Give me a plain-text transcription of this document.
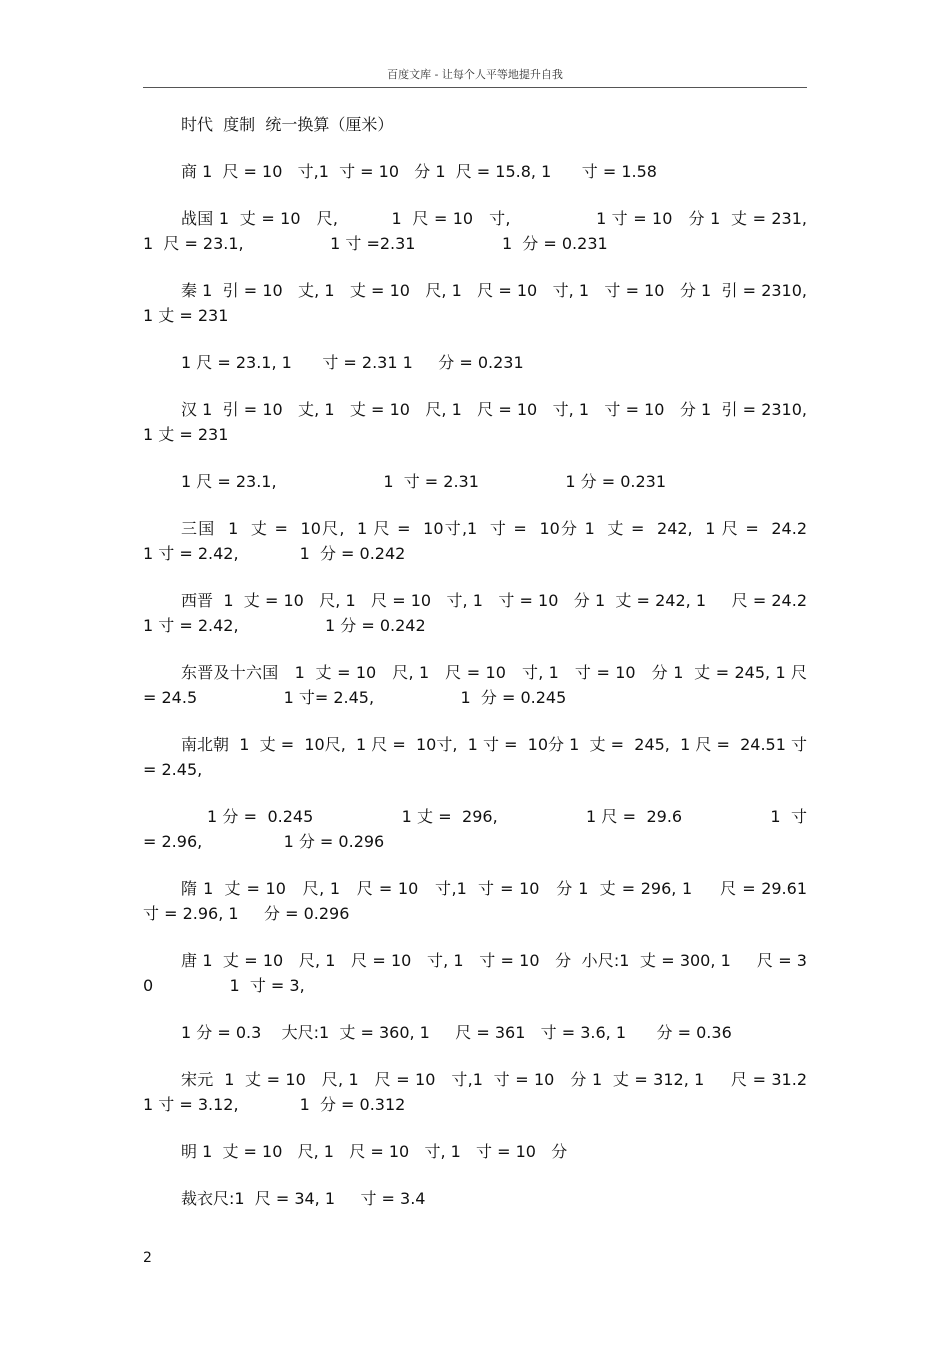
百度文库 - 让每个人平等地提升自我

时代  度制  统一换算（厘米）

商 1  尺 = 10   寸,1  寸 = 10   分 1  尺 = 15.8, 1      寸 = 1.58

战国 1  丈 = 10   尺,          1  尺 = 10   寸,                1 寸 = 10   分 1  丈 = 231,               1  尺 = 23.1,                 1 寸 =2.31                 1  分 = 0.231

秦 1  引 = 10   丈, 1   丈 = 10   尺, 1   尺 = 10   寸, 1   寸 = 10   分 1  引 = 2310, 1 丈 = 231

1 尺 = 23.1, 1      寸 = 2.31 1     分 = 0.231

汉 1  引 = 10   丈, 1   丈 = 10   尺, 1   尺 = 10   寸, 1   寸 = 10   分 1  引 = 2310, 1 丈 = 231

1 尺 = 23.1,                     1  寸 = 2.31                 1 分 = 0.231

三国  1  丈 =  10尺,  1 尺 =  10寸,1  寸 =  10分 1  丈 =  242,  1 尺 =  24.2          1 寸 = 2.42,            1  分 = 0.242

西晋  1  丈 = 10   尺, 1   尺 = 10   寸, 1   寸 = 10   分 1  丈 = 242, 1     尺 = 24.2                1 寸 = 2.42,                 1 分 = 0.242

东晋及十六国   1  丈 = 10   尺, 1   尺 = 10   寸, 1   寸 = 10   分 1  丈 = 245, 1 尺 = 24.5                 1 寸= 2.45,                 1  分 = 0.245

南北朝  1  丈 =  10尺,  1 尺 =  10寸,  1 寸 =  10分 1  丈 =  245,  1 尺 =  24.51 寸 = 2.45,

1 分 =  0.245                 1 丈 =  296,                 1 尺 =  29.6                 1  寸 = 2.96,                1 分 = 0.296

隋 1  丈 = 10   尺, 1   尺 = 10   寸,1  寸 = 10   分 1  丈 = 296, 1     尺 = 29.61    寸 = 2.96, 1     分 = 0.296

唐 1  丈 = 10   尺, 1   尺 = 10   寸, 1   寸 = 10   分  小尺:1  丈 = 300, 1     尺 = 30               1  寸 = 3,

1 分 = 0.3    大尺:1  丈 = 360, 1     尺 = 361   寸 = 3.6, 1      分 = 0.36

宋元  1  丈 = 10   尺, 1   尺 = 10   寸,1  寸 = 10   分 1  丈 = 312, 1     尺 = 31.2                1 寸 = 3.12,            1  分 = 0.312

明 1  丈 = 10   尺, 1   尺 = 10   寸, 1   寸 = 10   分

裁衣尺:1  尺 = 34, 1     寸 = 3.4

2
